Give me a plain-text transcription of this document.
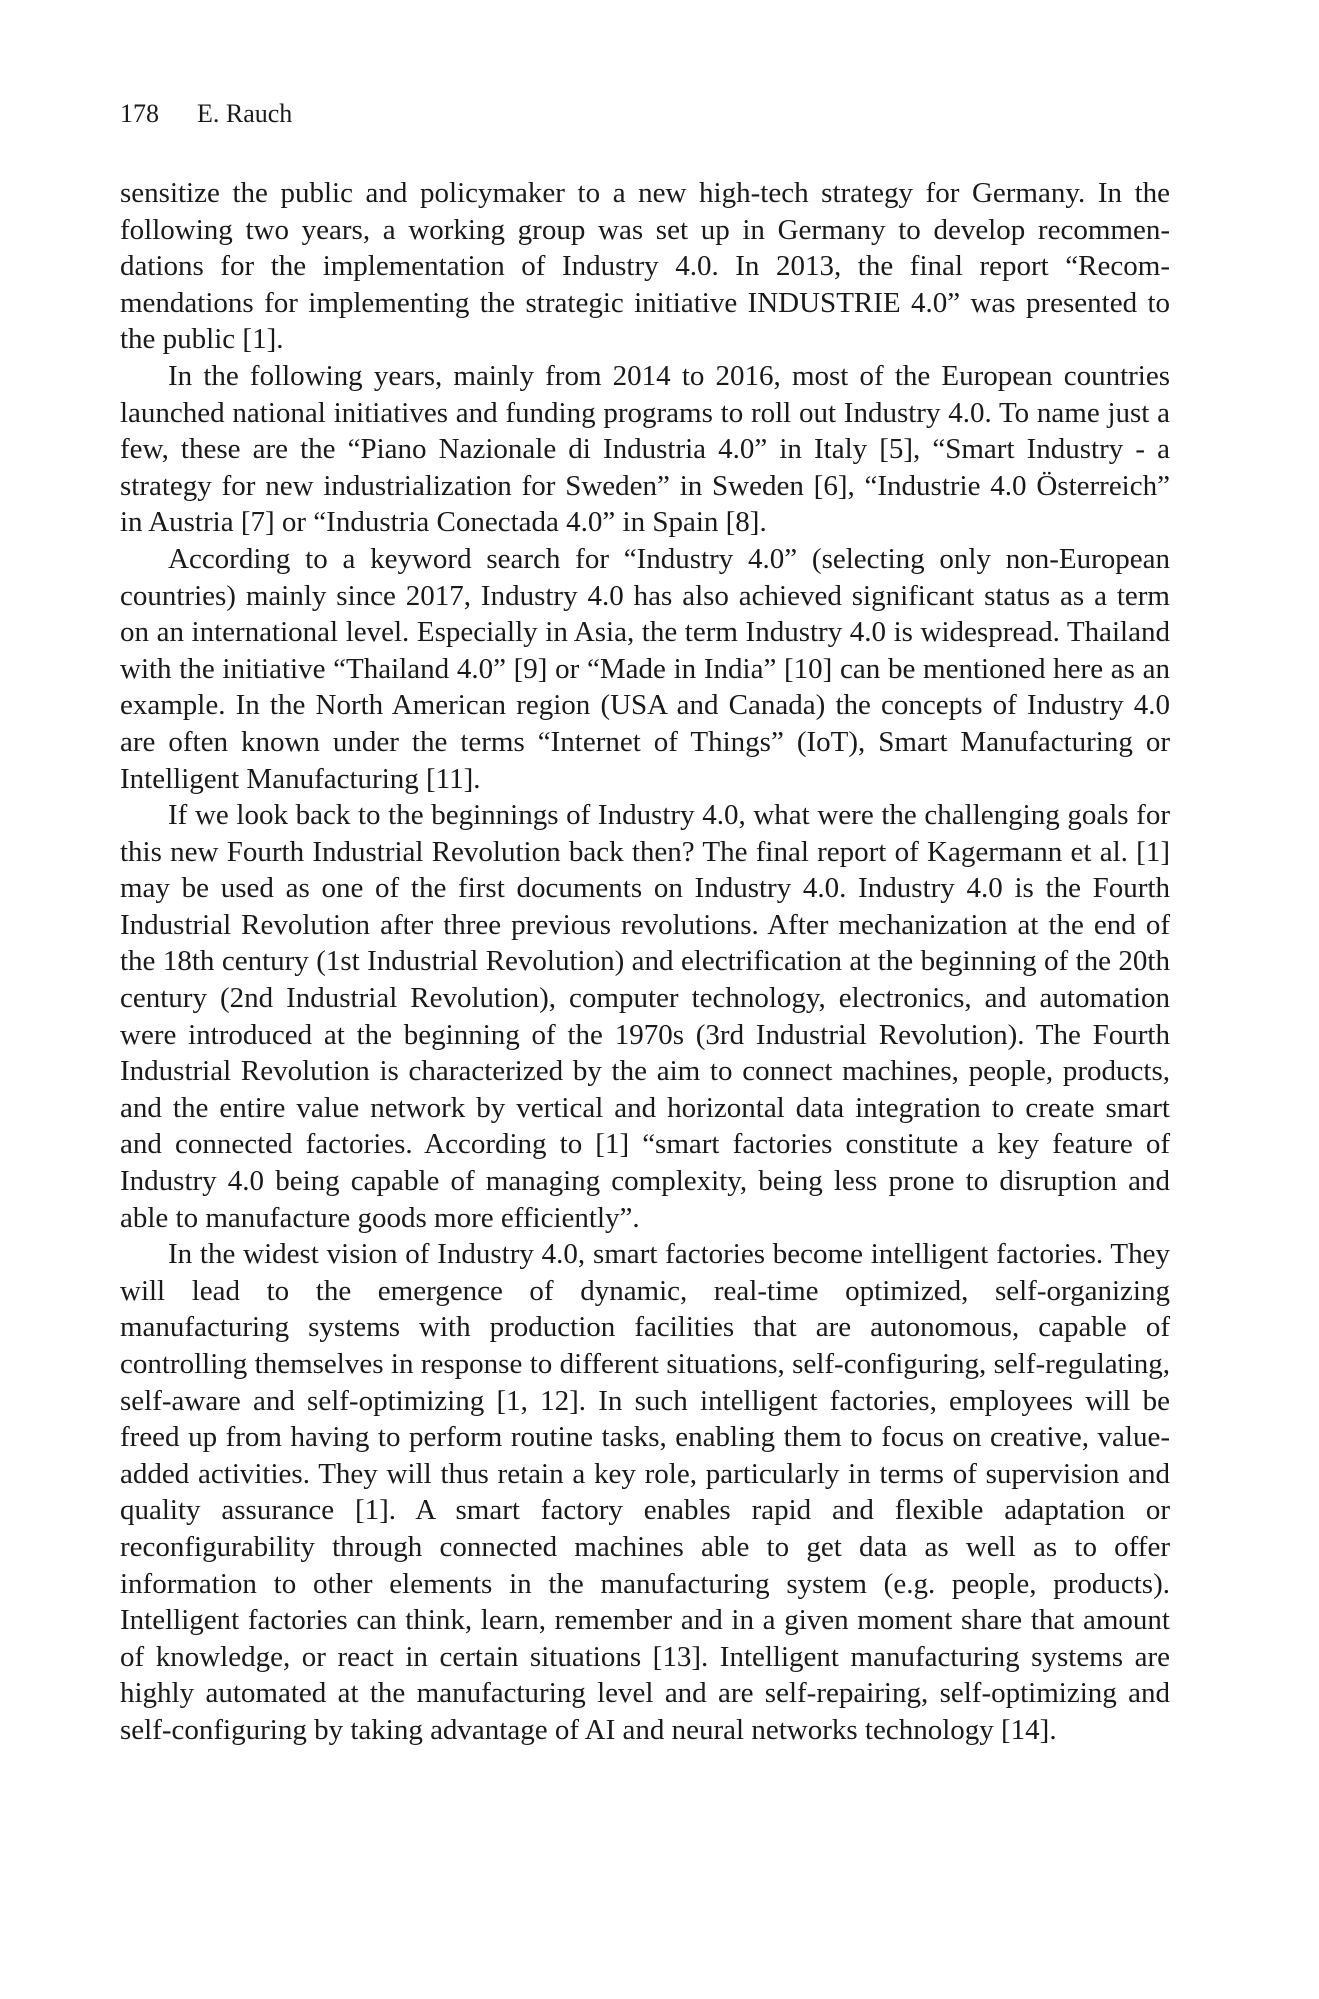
178 E. Rauch

sensitize the public and policymaker to a new high-tech strategy for Germany. In the following two years, a working group was set up in Germany to develop recommendations for the implementation of Industry 4.0. In 2013, the final report “Recommendations for implementing the strategic initiative INDUSTRIE 4.0” was presented to the public [1].

In the following years, mainly from 2014 to 2016, most of the European countries launched national initiatives and funding programs to roll out Industry 4.0. To name just a few, these are the “Piano Nazionale di Industria 4.0” in Italy [5], “Smart Industry - a strategy for new industrialization for Sweden” in Sweden [6], “Industrie 4.0 Österreich” in Austria [7] or “Industria Conectada 4.0” in Spain [8].

According to a keyword search for “Industry 4.0” (selecting only non-European countries) mainly since 2017, Industry 4.0 has also achieved significant status as a term on an international level. Especially in Asia, the term Industry 4.0 is widespread. Thailand with the initiative “Thailand 4.0” [9] or “Made in India” [10] can be mentioned here as an example. In the North American region (USA and Canada) the concepts of Industry 4.0 are often known under the terms “Internet of Things” (IoT), Smart Manufacturing or Intelligent Manufacturing [11].

If we look back to the beginnings of Industry 4.0, what were the challenging goals for this new Fourth Industrial Revolution back then? The final report of Kagermann et al. [1] may be used as one of the first documents on Industry 4.0. Industry 4.0 is the Fourth Industrial Revolution after three previous revolutions. After mechanization at the end of the 18th century (1st Industrial Revolution) and electrification at the beginning of the 20th century (2nd Industrial Revolution), computer technology, electronics, and automation were introduced at the beginning of the 1970s (3rd Industrial Revolution). The Fourth Industrial Revolution is characterized by the aim to connect machines, people, products, and the entire value network by vertical and horizontal data integration to create smart and connected factories. According to [1] “smart factories constitute a key feature of Industry 4.0 being capable of managing complexity, being less prone to disruption and able to manufacture goods more efficiently”.

In the widest vision of Industry 4.0, smart factories become intelligent factories. They will lead to the emergence of dynamic, real-time optimized, self-organizing manufacturing systems with production facilities that are autonomous, capable of controlling themselves in response to different situations, self-configuring, self-regulating, self-aware and self-optimizing [1, 12]. In such intelligent factories, employees will be freed up from having to perform routine tasks, enabling them to focus on creative, value-added activities. They will thus retain a key role, particularly in terms of supervision and quality assurance [1]. A smart factory enables rapid and flexible adaptation or reconfigurability through connected machines able to get data as well as to offer information to other elements in the manufacturing system (e.g. people, products). Intelligent factories can think, learn, remember and in a given moment share that amount of knowledge, or react in certain situations [13]. Intelligent manufacturing systems are highly automated at the manufacturing level and are self-repairing, self-optimizing and self-configuring by taking advantage of AI and neural networks technology [14].
